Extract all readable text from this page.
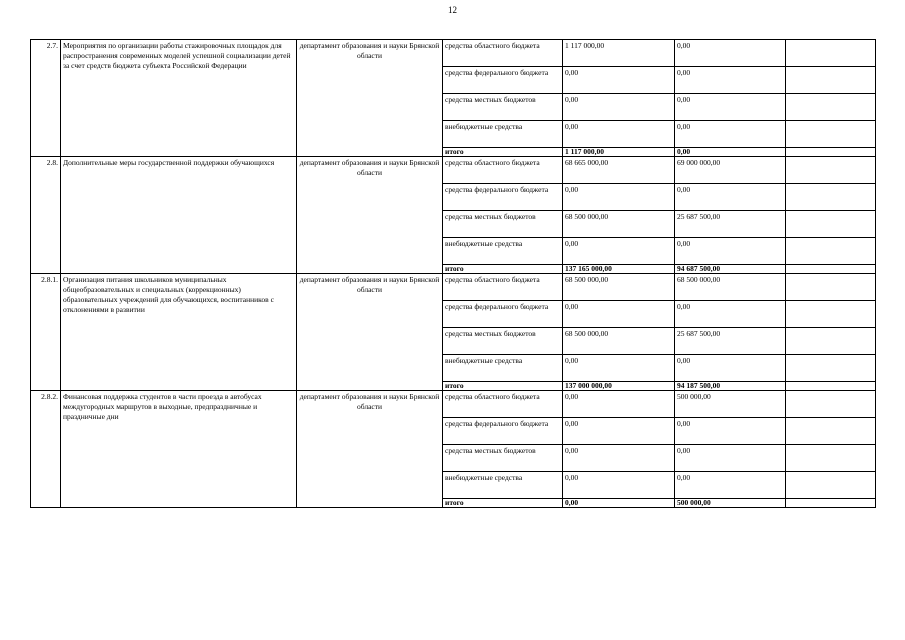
12
2.7.	Мероприятия по организации работы стажировочных площадок для распространения современных моделей успешной социализации детей за счет средств бюджета субъекта Российской Федерации	департамент образования и науки Брянской области	средства областного бюджета	1 117 000,00	0,00	
			средства федерального бюджета	0,00	0,00	
			средства местных бюджетов	0,00	0,00	
			внебюджетные средства	0,00	0,00	
			итого	1 117 000,00	0,00	
2.8.	Дополнительные меры государственной поддержки обучающихся	департамент образования и науки Брянской области	средства областного бюджета	68 665 000,00	69 000 000,00	
			средства федерального бюджета	0,00	0,00	
			средства местных бюджетов	68 500 000,00	25 687 500,00	
			внебюджетные средства	0,00	0,00	
			итого	137 165 000,00	94 687 500,00	
2.8.1.	Организация питания школьников муниципальных общеобразовательных и специальных (коррекционных) образовательных учреждений для обучающихся, воспитанников с отклонениями в развитии	департамент образования и науки Брянской области	средства областного бюджета	68 500 000,00	68 500 000,00	
			средства федерального бюджета	0,00	0,00	
			средства местных бюджетов	68 500 000,00	25 687 500,00	
			внебюджетные средства	0,00	0,00	
			итого	137 000 000,00	94 187 500,00	
2.8.2.	Финансовая поддержка студентов в части проезда в автобусах междугородных маршрутов в выходные, предпраздничные и праздничные дни	департамент образования и науки Брянской области	средства областного бюджета	0,00	500 000,00	
			средства федерального бюджета	0,00	0,00	
			средства местных бюджетов	0,00	0,00	
			внебюджетные средства	0,00	0,00	
			итого	0,00	500 000,00	
